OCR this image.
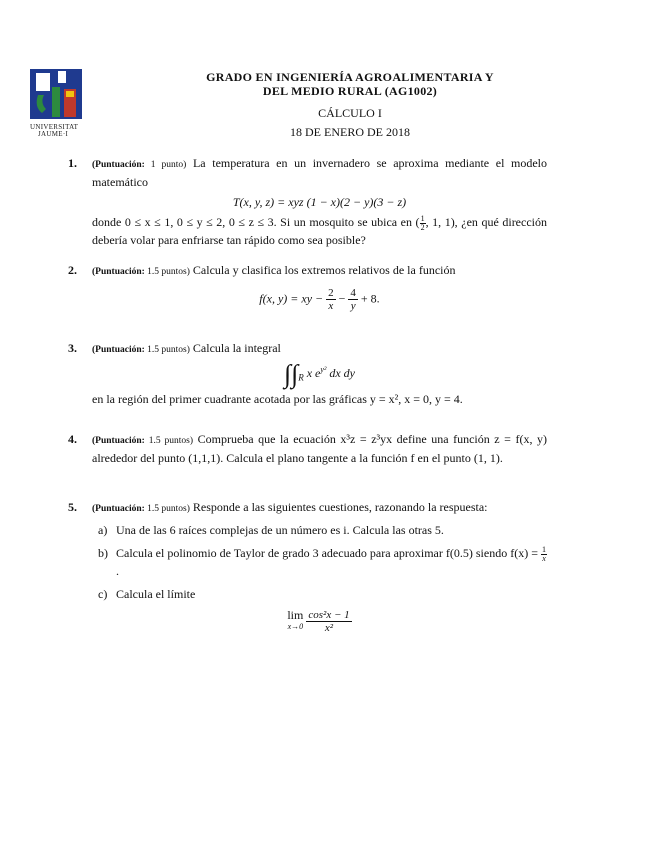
UNIVERSITAT
JAUME·I
GRADO EN INGENIERÍA AGROALIMENTARIA Y
DEL MEDIO RURAL (AG1002)
CÁLCULO I
18 DE ENERO DE 2018
1. (Puntuación: 1 punto) La temperatura en un invernadero se aproxima mediante el modelo matemático
T(x, y, z) = xyz (1 − x)(2 − y)(3 − z)
donde 0 ≤ x ≤ 1, 0 ≤ y ≤ 2, 0 ≤ z ≤ 3. Si un mosquito se ubica en ( $\frac{1}{2}$ , 1, 1), ¿en qué dirección debería volar para enfriarse tan rápido como sea posible?
2. (Puntuación: 1.5 puntos) Calcula y clasifica los extremos relativos de la función
f(x, y) = xy − $\frac{2}{x} - \frac{4}{y} + 8$.
3. (Puntuación: 1.5 puntos) Calcula la integral
$\int\int_R$ x $e^{y^2}$ dx dy
en la región del primer cuadrante acotada por las gráficas y = x², x = 0, y = 4.
4. (Puntuación: 1.5 puntos) Comprueba que la ecuación x³z = z³yx define una función z = f(x, y) alrededor del punto (1,1,1). Calcula el plano tangente a la función f en el punto (1, 1).
5. (Puntuación: 1.5 puntos) Responde a las siguientes cuestiones, razonando la respuesta:
a) Una de las 6 raíces complejas de un número es i. Calcula las otras 5.
b) Calcula el polinomio de Taylor de grado 3 adecuado para aproximar f(0.5) siendo $f(x) = \frac{1}{x}$
.
c) Calcula el límite
lim
x→0
$\frac{\text{cos²x − 1}}{\text{x²}}$
